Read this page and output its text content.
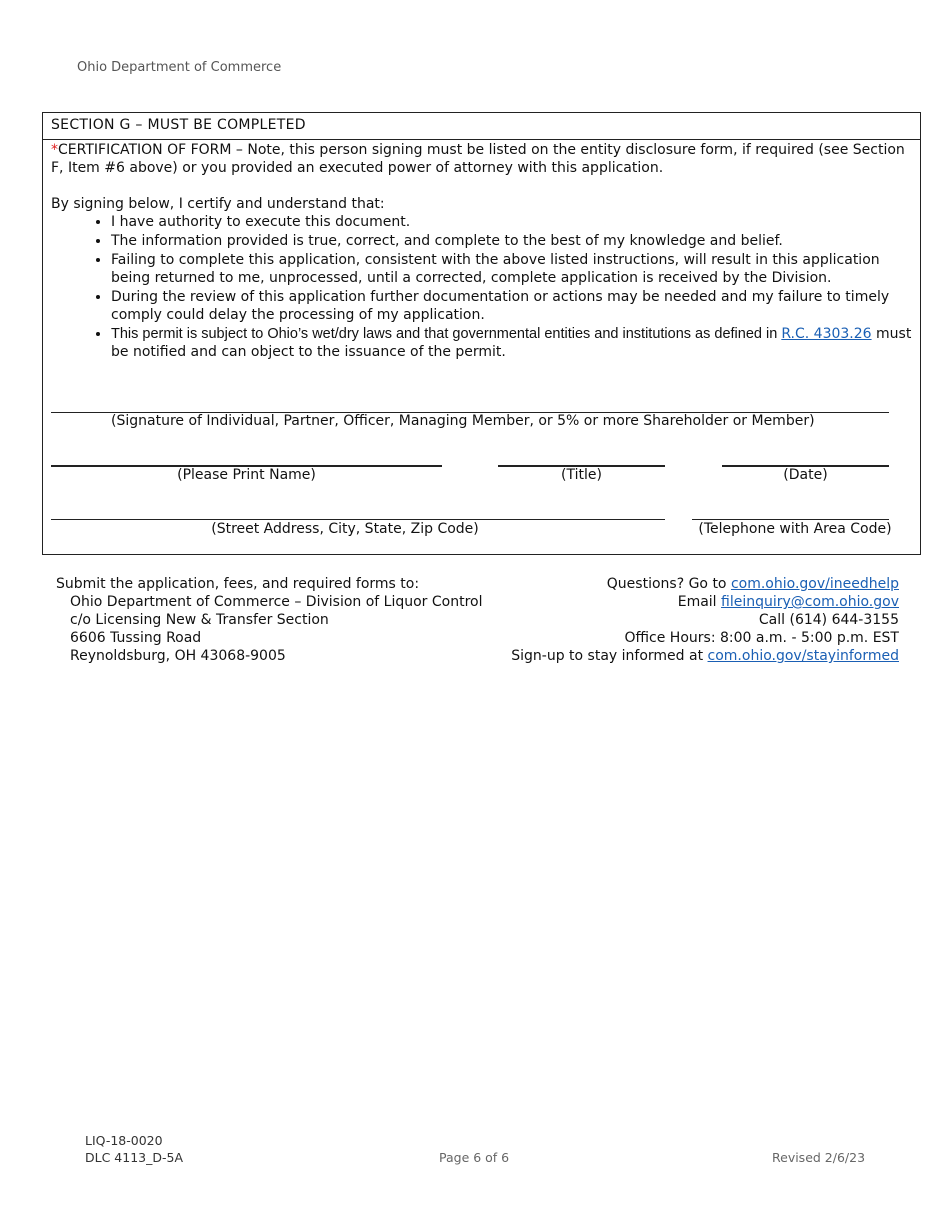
Ohio Department of Commerce
SECTION G – MUST BE COMPLETED
*CERTIFICATION OF FORM – Note, this person signing must be listed on the entity disclosure form, if required (see Section F, Item #6 above) or you provided an executed power of attorney with this application.
By signing below, I certify and understand that:
• I have authority to execute this document.
• The information provided is true, correct, and complete to the best of my knowledge and belief.
• Failing to complete this application, consistent with the above listed instructions, will result in this application being returned to me, unprocessed, until a corrected, complete application is received by the Division.
• During the review of this application further documentation or actions may be needed and my failure to timely comply could delay the processing of my application.
• This permit is subject to Ohio’s wet/dry laws and that governmental entities and institutions as defined in R.C. 4303.26 must be notified and can object to the issuance of the permit.
(Signature of Individual, Partner, Officer, Managing Member, or 5% or more Shareholder or Member)
(Please Print Name)	(Title)	(Date)
(Street Address, City, State, Zip Code)	(Telephone with Area Code)
Submit the application, fees, and required forms to:
Ohio Department of Commerce – Division of Liquor Control
c/o Licensing New & Transfer Section
6606 Tussing Road
Reynoldsburg, OH 43068-9005
Questions? Go to com.ohio.gov/ineedhelp
Email fileinquiry@com.ohio.gov
Call (614) 644-3155
Office Hours: 8:00 a.m. - 5:00 p.m. EST
Sign-up to stay informed at com.ohio.gov/stayinformed
LIQ-18-0020
DLC 4113_D-5A	Page 6 of 6	Revised 2/6/23
